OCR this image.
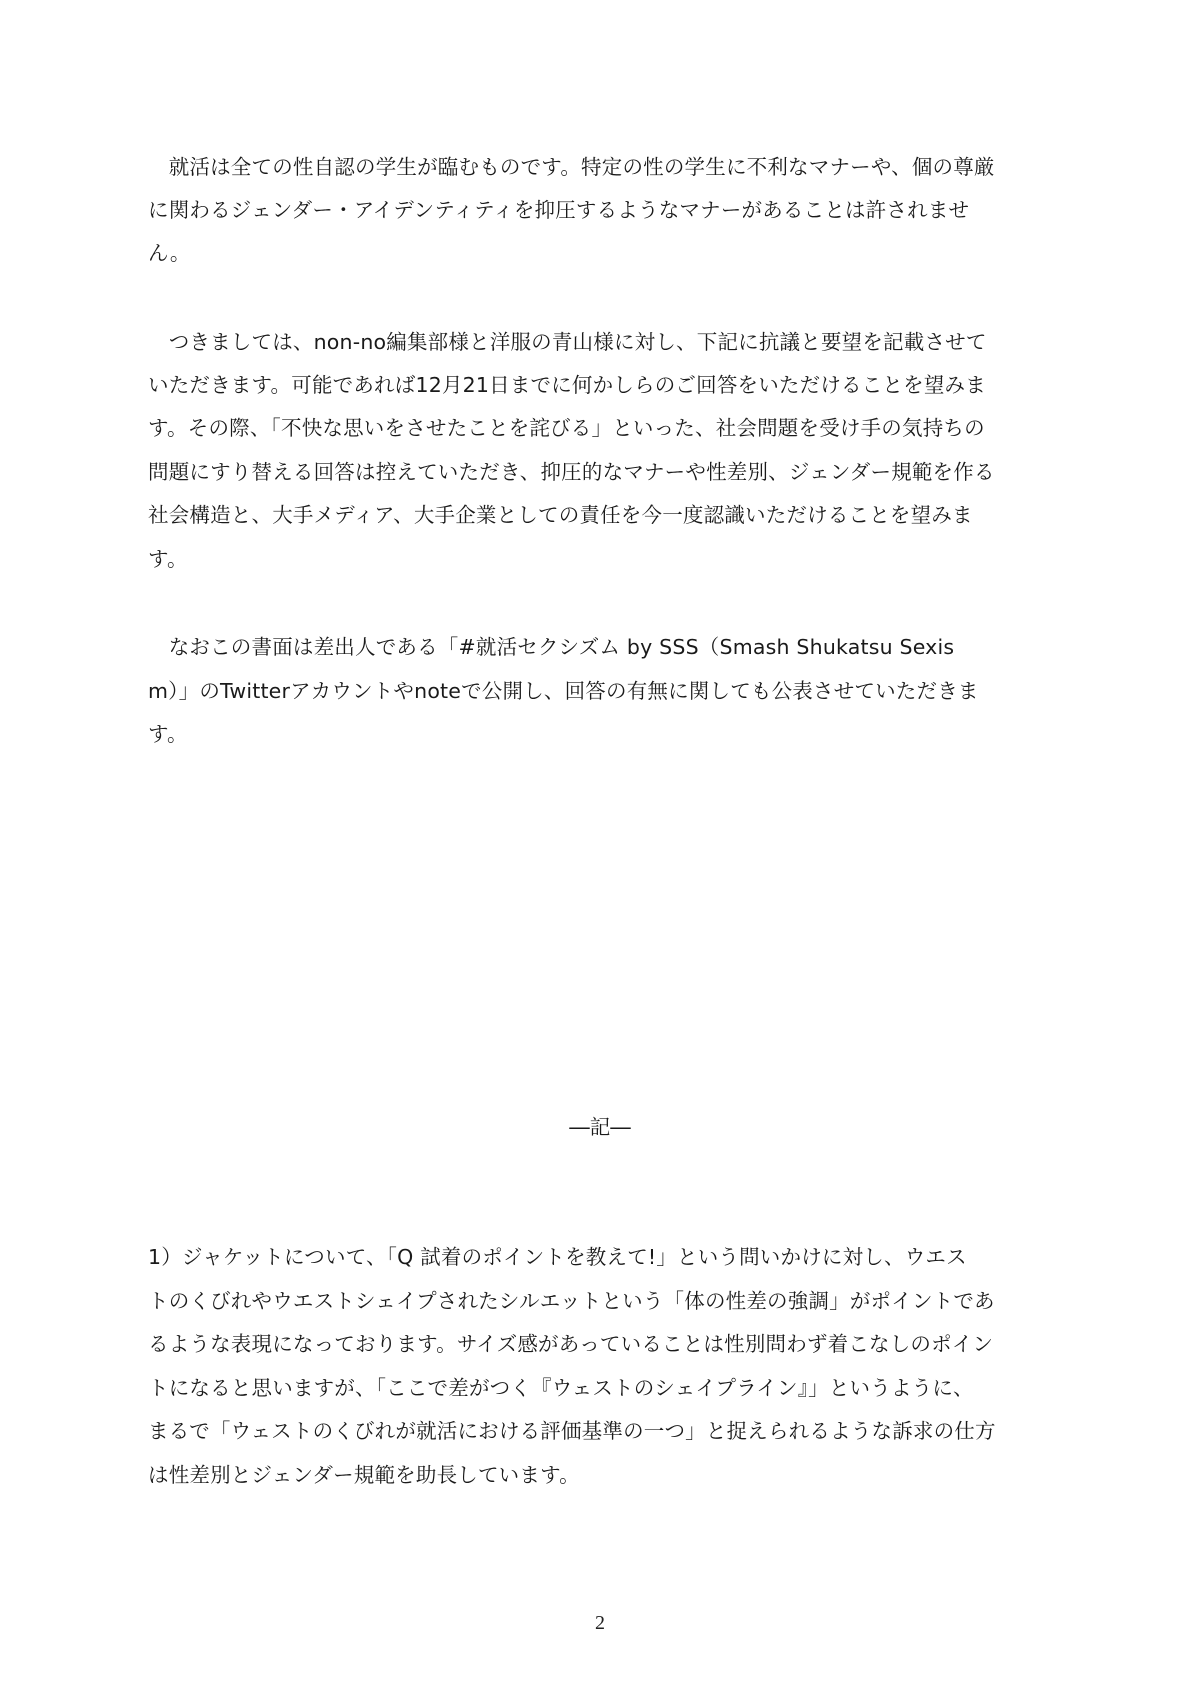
　就活は全ての性自認の学生が臨むものです。特定の性の学生に不利なマナーや、個の尊厳
に関わるジェンダー・アイデンティティを抑圧するようなマナーがあることは許されませ
ん。
　つきましては、non-no編集部様と洋服の青山様に対し、下記に抗議と要望を記載させて
いただきます。可能であれば12月21日までに何かしらのご回答をいただけることを望みま
す。その際、「不快な思いをさせたことを詫びる」といった、社会問題を受け手の気持ちの
問題にすり替える回答は控えていただき、抑圧的なマナーや性差別、ジェンダー規範を作る
社会構造と、大手メディア、大手企業としての責任を今一度認識いただけることを望みま
す。
　なおこの書面は差出人である「#就活セクシズム by SSS（Smash Shukatsu Sexis
m）」のTwitterアカウントやnoteで公開し、回答の有無に関しても公表させていただきま
す。
―記―
1）ジャケットについて、「Q 試着のポイントを教えて!」という問いかけに対し、ウエス
トのくびれやウエストシェイプされたシルエットという「体の性差の強調」がポイントであ
るような表現になっております。サイズ感があっていることは性別問わず着こなしのポイン
トになると思いますが、「ここで差がつく『ウェストのシェイプライン』」というように、
まるで「ウェストのくびれが就活における評価基準の一つ」と捉えられるような訴求の仕方
は性差別とジェンダー規範を助長しています。
2
